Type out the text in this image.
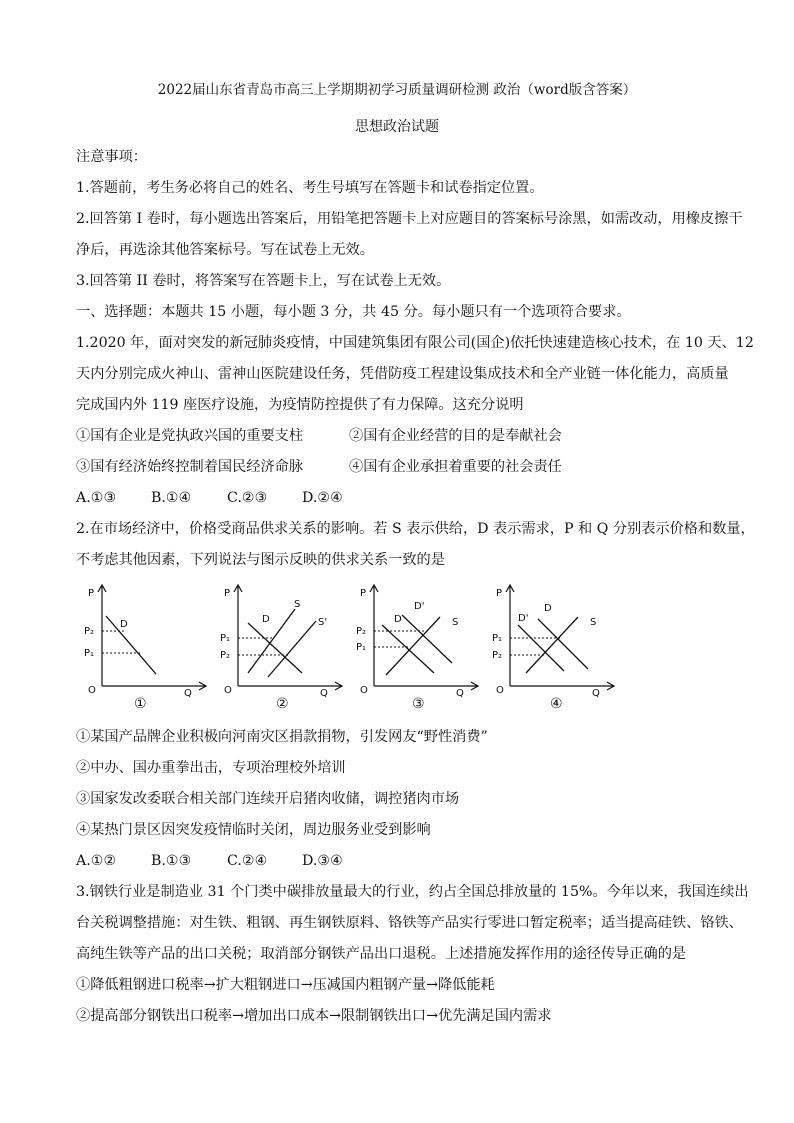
2022届山东省青岛市高三上学期期初学习质量调研检测 政治（word版含答案）
思想政治试题
注意事项：
1.答题前，考生务必将自己的姓名、考生号填写在答题卡和试卷指定位置。
2.回答第 I 卷时，每小题选出答案后，用铅笔把答题卡上对应题目的答案标号涂黑，如需改动，用橡皮擦干
净后，再选涂其他答案标号。写在试卷上无效。
3.回答第 II 卷时，将答案写在答题卡上，写在试卷上无效。
一、选择题：本题共 15 小题，每小题 3 分，共 45 分。每小题只有一个选项符合要求。
1.2020 年，面对突发的新冠肺炎疫情，中国建筑集团有限公司(国企)依托快速建造核心技术，在 10 天、12
天内分别完成火神山、雷神山医院建设任务，凭借防疫工程建设集成技术和全产业链一体化能力，高质量
完成国内外 119 座医疗设施，为疫情防控提供了有力保障。这充分说明
①国有企业是党执政兴国的重要支柱	②国有企业经营的目的是奉献社会
③国有经济始终控制着国民经济命脉	④国有企业承担着重要的社会责任
A.①③ B.①④	C.②③ D.②④
2.在市场经济中，价格受商品供求关系的影响。若 S 表示供给，D 表示需求，P 和 Q 分别表示价格和数量，
不考虑其他因素，下列说法与图示反映的供求关系一致的是
P
P₂
P₁
D
O	Q
①
P
P₁
P₂
D
S
S'
O	Q
②
P
P₂
P₁
D
D'
S
O	Q
③
P
P₁
P₂
D'
D
S
O	Q
④
①某国产品牌企业积极向河南灾区捐款捐物，引发网友“野性消费”
②中办、国办重拳出击，专项治理校外培训
③国家发改委联合相关部门连续开启猪肉收储，调控猪肉市场
④某热门景区因突发疫情临时关闭，周边服务业受到影响
A.①② B.①③	C.②④ D.③④
3.钢铁行业是制造业 31 个门类中碳排放量最大的行业，约占全国总排放量的 15%。今年以来，我国连续出
台关税调整措施：对生铁、粗钢、再生钢铁原料、铬铁等产品实行零进口暂定税率；适当提高硅铁、铬铁、
高纯生铁等产品的出口关税；取消部分钢铁产品出口退税。上述措施发挥作用的途径传导正确的是
①降低粗钢进口税率→扩大粗钢进口→压减国内粗钢产量→降低能耗
②提高部分钢铁出口税率→增加出口成本→限制钢铁出口→优先满足国内需求
